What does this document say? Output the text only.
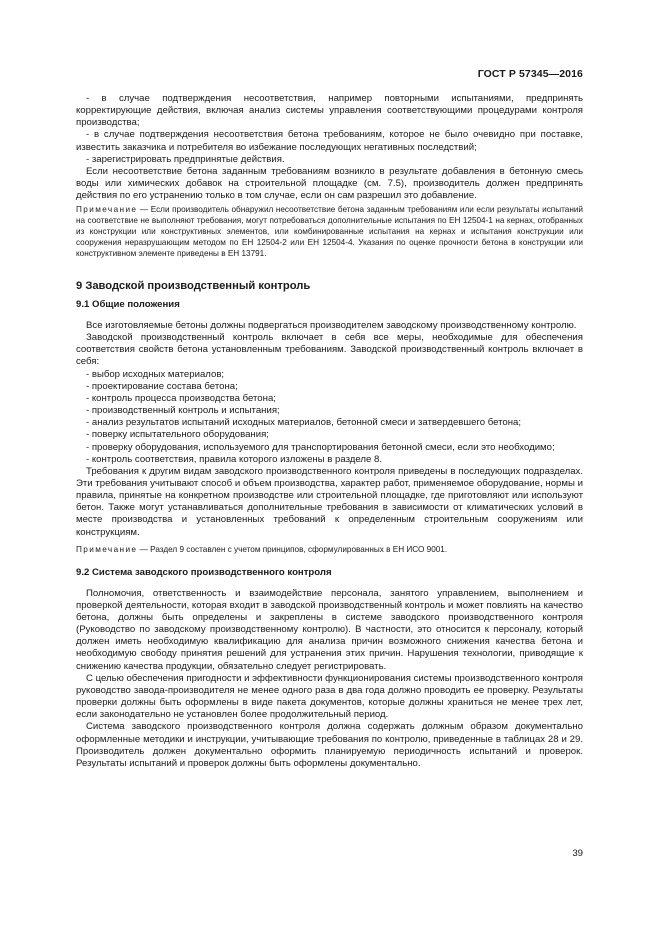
ГОСТ Р 57345—2016

- в случае подтверждения несоответствия, например повторными испытаниями, предпринять корректирующие действия, включая анализ системы управления соответствующими процедурами контроля производства;

- в случае подтверждения несоответствия бетона требованиям, которое не было очевидно при поставке, известить заказчика и потребителя во избежание последующих негативных последствий;

- зарегистрировать предпринятые действия.

Если несоответствие бетона заданным требованиям возникло в результате добавления в бетонную смесь воды или химических добавок на строительной площадке (см. 7.5), производитель должен предпринять действия по его устранению только в том случае, если он сам разрешил это добавление.

Примечание — Если производитель обнаружил несоответствие бетона заданным требованиям или если результаты испытаний на соответствие не выполняют требования, могут потребоваться дополнительные испытания по ЕН 12504-1 на кернах, отобранных из конструкции или конструктивных элементов, или комбинированные испытания на кернах и испытания конструкции или сооружения неразрушающим методом по ЕН 12504-2 или ЕН 12504-4. Указания по оценке прочности бетона в конструкции или конструктивном элементе приведены в ЕН 13791.

9 Заводской производственный контроль
9.1 Общие положения

Все изготовляемые бетоны должны подвергаться производителем заводскому производственному контролю.

Заводской производственный контроль включает в себя все меры, необходимые для обеспечения соответствия свойств бетона установленным требованиям. Заводской производственный контроль включает в себя:

- выбор исходных материалов;

- проектирование состава бетона;

- контроль процесса производства бетона;

- производственный контроль и испытания;

- анализ результатов испытаний исходных материалов, бетонной смеси и затвердевшего бетона;

- поверку испытательного оборудования;

- проверку оборудования, используемого для транспортирования бетонной смеси, если это необходимо;

- контроль соответствия, правила которого изложены в разделе 8.

Требования к другим видам заводского производственного контроля приведены в последующих подразделах. Эти требования учитывают способ и объем производства, характер работ, применяемое оборудование, нормы и правила, принятые на конкретном производстве или строительной площадке, где приготовляют или используют бетон. Также могут устанавливаться дополнительные требования в зависимости от климатических условий в месте производства и установленных требований к определенным строительным сооружениям или конструкциям.

Примечание — Раздел 9 составлен с учетом принципов, сформулированных в ЕН ИСО 9001.

9.2 Система заводского производственного контроля

Полномочия, ответственность и взаимодействие персонала, занятого управлением, выполнением и проверкой деятельности, которая входит в заводской производственный контроль и может повлиять на качество бетона, должны быть определены и закреплены в системе заводского производственного контроля (Руководство по заводскому производственному контролю). В частности, это относится к персоналу, который должен иметь необходимую квалификацию для анализа причин возможного снижения качества бетона и необходимую свободу принятия решений для устранения этих причин. Нарушения технологии, приводящие к снижению качества продукции, обязательно следует регистрировать.

С целью обеспечения пригодности и эффективности функционирования системы производственного контроля руководство завода-производителя не менее одного раза в два года должно проводить ее проверку. Результаты проверки должны быть оформлены в виде пакета документов, которые должны храниться не менее трех лет, если законодательно не установлен более продолжительный период.

Система заводского производственного контроля должна содержать должным образом документально оформленные методики и инструкции, учитывающие требования по контролю, приведенные в таблицах 28 и 29. Производитель должен документально оформить планируемую периодичность испытаний и проверок. Результаты испытаний и проверок должны быть оформлены документально.

39
